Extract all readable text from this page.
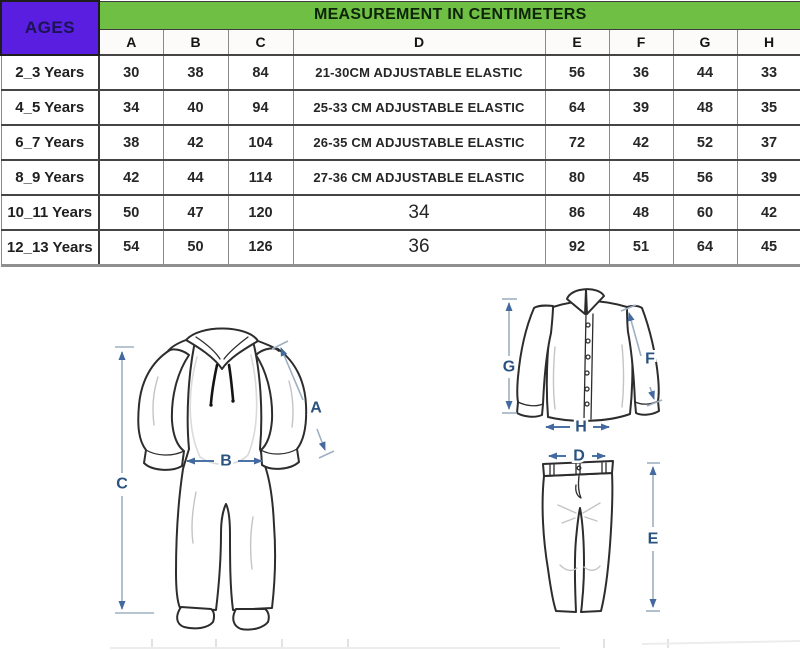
AGES	MEASUREMENT IN CENTIMETERS							
	A	B	C	D	E	F	G	H
2_3 Years	30	38	84	21-30CM ADJUSTABLE ELASTIC	56	36	44	33
4_5 Years	34	40	94	25-33 CM ADJUSTABLE ELASTIC	64	39	48	35
6_7 Years	38	42	104	26-35 CM ADJUSTABLE ELASTIC	72	42	52	37
8_9 Years	42	44	114	27-36 CM ADJUSTABLE ELASTIC	80	45	56	39
10_11 Years	50	47	120	34	86	48	60	42
12_13 Years	54	50	126	36	92	51	64	45
C
A
B
G	F
H
D
E
